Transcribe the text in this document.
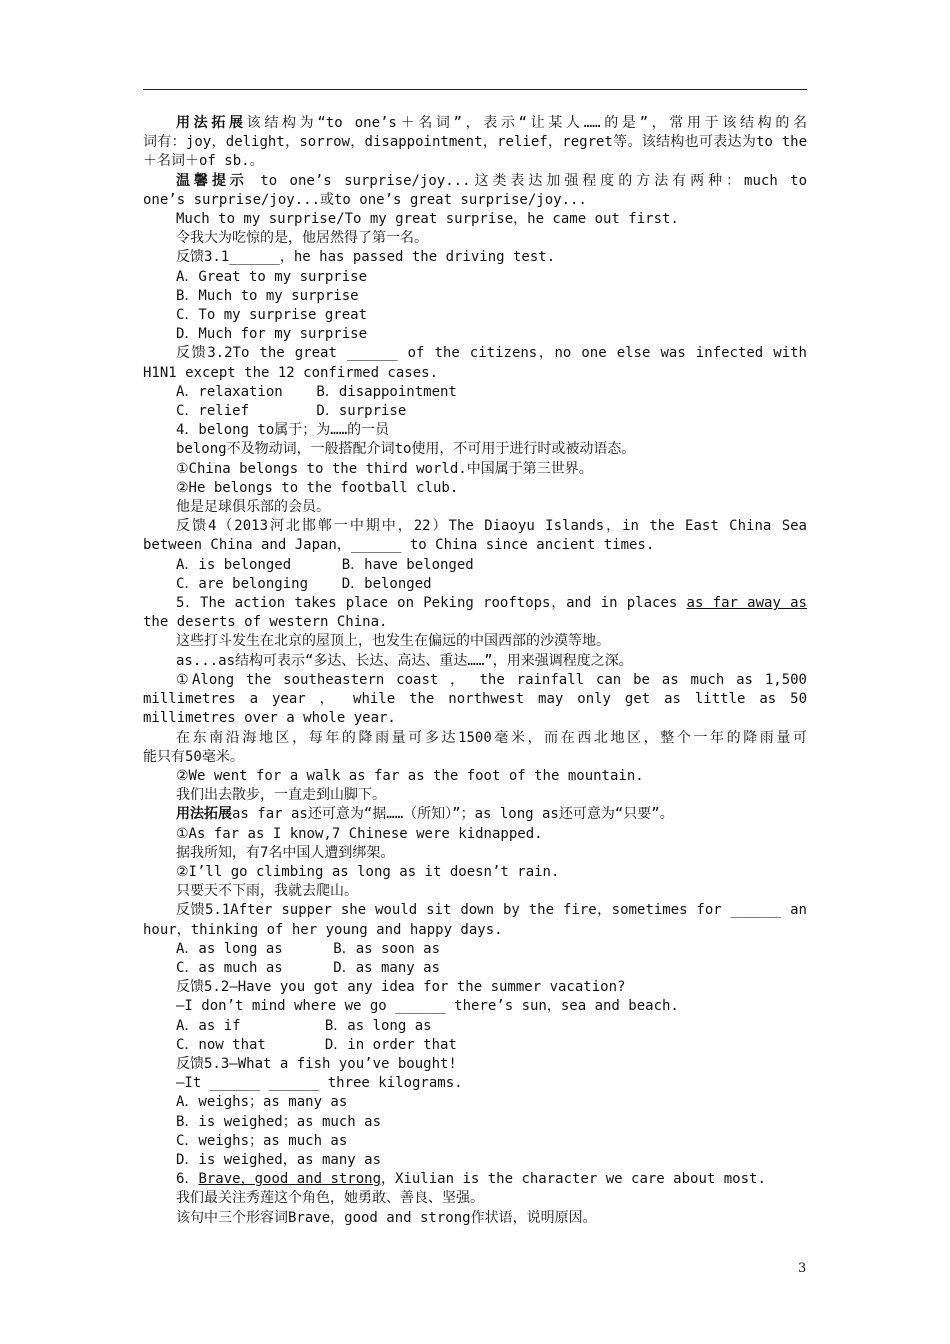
用法拓展该结构为“to one’s＋名词”，表示“让某人……的是”，常用于该结构的名
词有：joy，delight，sorrow，disappointment，relief，regret等。该结构也可表达为to the
＋名词＋of sb.。
温馨提示 to one’s surprise/joy...这类表达加强程度的方法有两种：much to
one’s surprise/joy...或to one’s great surprise/joy...
Much to my surprise/To my great surprise，he came out first.
令我大为吃惊的是，他居然得了第一名。
反馈3.1______，he has passed the driving test.
A．Great to my surprise
B．Much to my surprise
C．To my surprise great
D．Much for my surprise
反馈3.2To the great ______ of the citizens，no one else was infected with
H1N1 except the 12 confirmed cases.
A．relaxation    B．disappointment
C．relief        D．surprise
4．belong to属于；为……的一员
belong不及物动词，一般搭配介词to使用，不可用于进行时或被动语态。
①China belongs to the third world.中国属于第三世界。
②He belongs to the football club.
他是足球俱乐部的会员。
反馈4（2013河北邯郸一中期中，22）The Diaoyu Islands，in the East China Sea
between China and Japan，______ to China since ancient times.
A．is belonged      B．have belonged
C．are belonging    D．belonged
5．The action takes place on Peking rooftops，and in places as far away as
the deserts of western China.
这些打斗发生在北京的屋顶上，也发生在偏远的中国西部的沙漠等地。
as...as结构可表示“多达、长达、高达、重达……”，用来强调程度之深。
①Along the southeastern coast ， the rainfall can be as much as 1,500
millimetres a year ， while the northwest may only get as little as 50
millimetres over a whole year.
在东南沿海地区，每年的降雨量可多达1500毫米，而在西北地区，整个一年的降雨量可
能只有50毫米。
②We went for a walk as far as the foot of the mountain.
我们出去散步，一直走到山脚下。
用法拓展as far as还可意为“据……（所知）”；as long as还可意为“只要”。
①As far as I know,7 Chinese were kidnapped.
据我所知，有7名中国人遭到绑架。
②I’ll go climbing as long as it doesn’t rain.
只要天不下雨，我就去爬山。
反馈5.1After supper she would sit down by the fire，sometimes for ______ an
hour，thinking of her young and happy days.
A．as long as      B．as soon as
C．as much as      D．as many as
反馈5.2—Have you got any idea for the summer vacation?
—I don’t mind where we go ______ there’s sun，sea and beach.
A．as if          B．as long as
C．now that       D．in order that
反馈5.3—What a fish you’ve bought!
—It ______ ______ three kilograms.
A．weighs；as many as
B．is weighed；as much as
C．weighs；as much as
D．is weighed，as many as
6．Brave，good and strong，Xiulian is the character we care about most.
我们最关注秀莲这个角色，她勇敢、善良、坚强。
该句中三个形容词Brave，good and strong作状语，说明原因。
3
